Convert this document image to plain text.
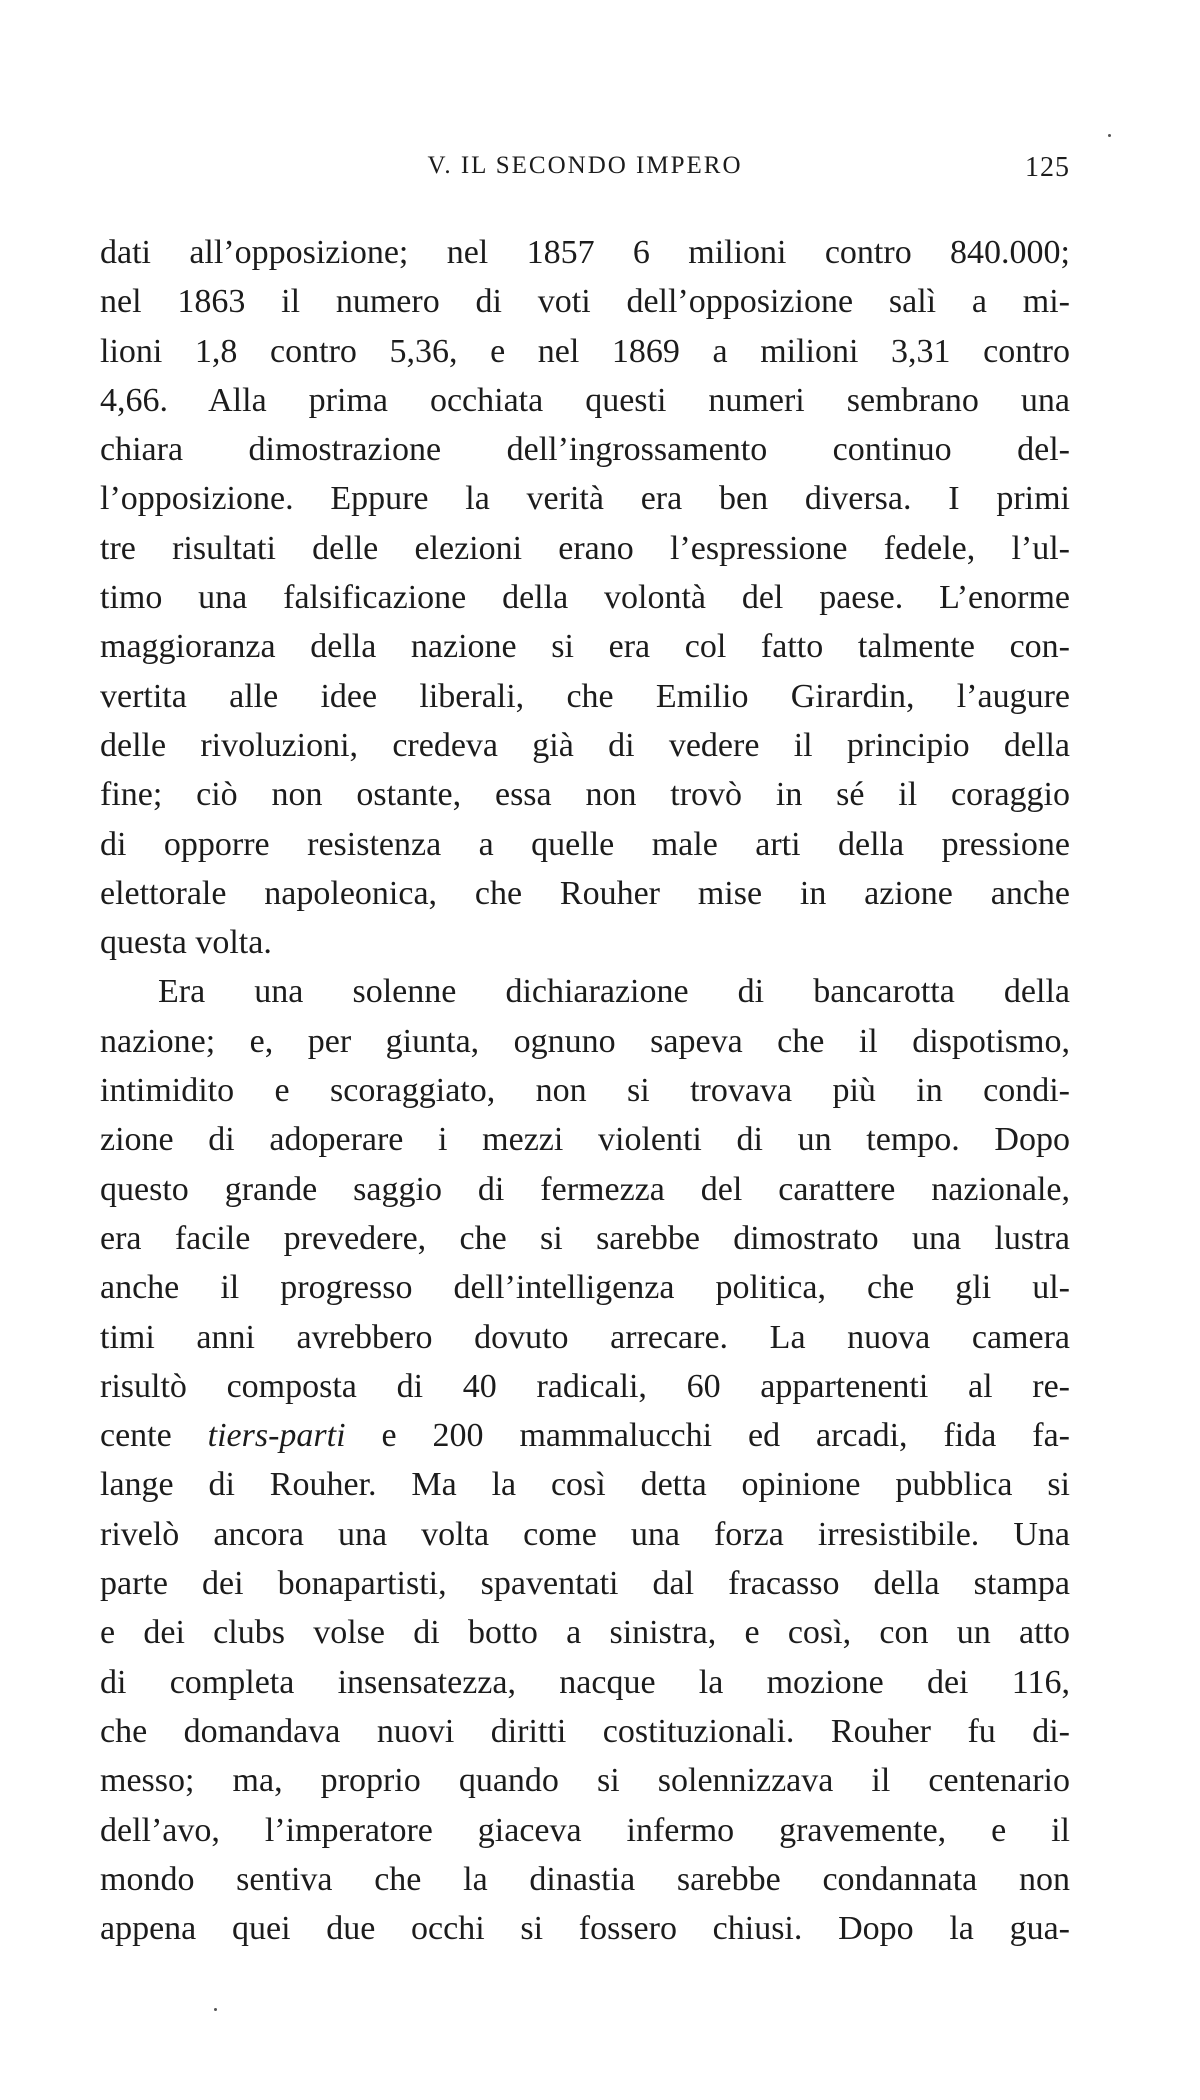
V. IL SECONDO IMPERO	125
dati all’opposizione; nel 1857 6 milioni contro 840.000;
nel 1863 il numero di voti dell’opposizione salì a mi-
lioni 1,8 contro 5,36, e nel 1869 a milioni 3,31 contro
4,66. Alla prima occhiata questi numeri sembrano una
chiara dimostrazione dell’ingrossamento continuo del-
l’opposizione. Eppure la verità era ben diversa. I primi
tre risultati delle elezioni erano l’espressione fedele, l’ul-
timo una falsificazione della volontà del paese. L’enorme
maggioranza della nazione si era col fatto talmente con-
vertita alle idee liberali, che Emilio Girardin, l’augure
delle rivoluzioni, credeva già di vedere il principio della
fine; ciò non ostante, essa non trovò in sé il coraggio
di opporre resistenza a quelle male arti della pressione
elettorale napoleonica, che Rouher mise in azione anche
questa volta.
Era una solenne dichiarazione di bancarotta della
nazione; e, per giunta, ognuno sapeva che il dispotismo,
intimidito e scoraggiato, non si trovava più in condi-
zione di adoperare i mezzi violenti di un tempo. Dopo
questo grande saggio di fermezza del carattere nazionale,
era facile prevedere, che si sarebbe dimostrato una lustra
anche il progresso dell’intelligenza politica, che gli ul-
timi anni avrebbero dovuto arrecare. La nuova camera
risultò composta di 40 radicali, 60 appartenenti al re-
cente tiers-parti e 200 mammalucchi ed arcadi, fida fa-
lange di Rouher. Ma la così detta opinione pubblica si
rivelò ancora una volta come una forza irresistibile. Una
parte dei bonapartisti, spaventati dal fracasso della stampa
e dei clubs volse di botto a sinistra, e così, con un atto
di completa insensatezza, nacque la mozione dei 116,
che domandava nuovi diritti costituzionali. Rouher fu di-
messo; ma, proprio quando si solennizzava il centenario
dell’avo, l’imperatore giaceva infermo gravemente, e il
mondo sentiva che la dinastia sarebbe condannata non
appena quei due occhi si fossero chiusi. Dopo la gua-
